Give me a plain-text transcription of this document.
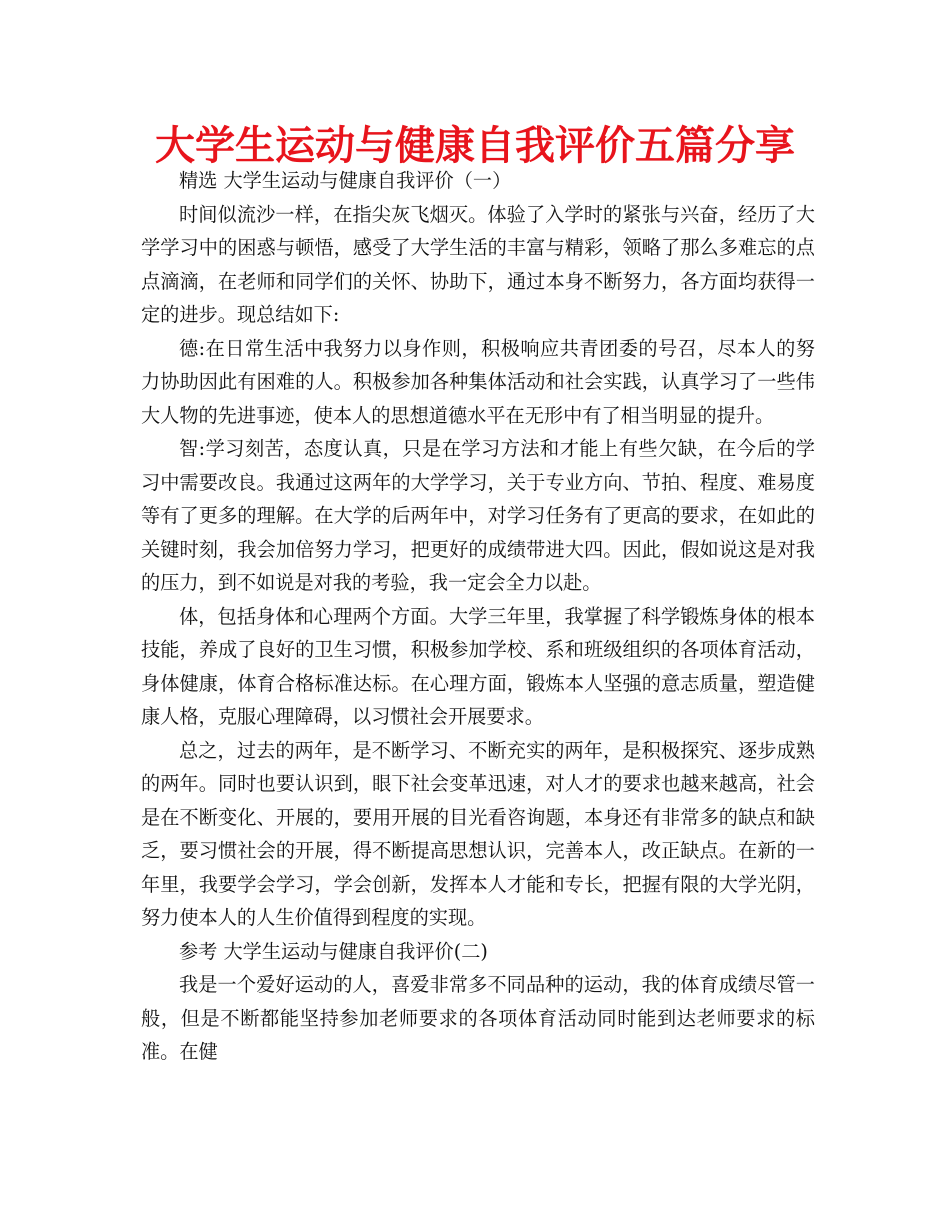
大学生运动与健康自我评价五篇分享

精选 大学生运动与健康自我评价（一）

时间似流沙一样，在指尖灰飞烟灭。体验了入学时的紧张与兴奋，经历了大学学习中的困惑与顿悟，感受了大学生活的丰富与精彩，领略了那么多难忘的点点滴滴，在老师和同学们的关怀、协助下，通过本身不断努力，各方面均获得一定的进步。现总结如下:

德:在日常生活中我努力以身作则，积极响应共青团委的号召，尽本人的努力协助因此有困难的人。积极参加各种集体活动和社会实践，认真学习了一些伟大人物的先进事迹，使本人的思想道德水平在无形中有了相当明显的提升。

智:学习刻苦，态度认真，只是在学习方法和才能上有些欠缺，在今后的学习中需要改良。我通过这两年的大学学习，关于专业方向、节拍、程度、难易度等有了更多的理解。在大学的后两年中，对学习任务有了更高的要求，在如此的关键时刻，我会加倍努力学习，把更好的成绩带进大四。因此，假如说这是对我的压力，到不如说是对我的考验，我一定会全力以赴。

体，包括身体和心理两个方面。大学三年里，我掌握了科学锻炼身体的根本技能，养成了良好的卫生习惯，积极参加学校、系和班级组织的各项体育活动，身体健康，体育合格标准达标。在心理方面，锻炼本人坚强的意志质量，塑造健康人格，克服心理障碍，以习惯社会开展要求。

总之，过去的两年，是不断学习、不断充实的两年，是积极探究、逐步成熟的两年。同时也要认识到，眼下社会变革迅速，对人才的要求也越来越高，社会是在不断变化、开展的，要用开展的目光看咨询题，本身还有非常多的缺点和缺乏，要习惯社会的开展，得不断提高思想认识，完善本人，改正缺点。在新的一年里，我要学会学习，学会创新，发挥本人才能和专长，把握有限的大学光阴，努力使本人的人生价值得到程度的实现。

参考 大学生运动与健康自我评价(二)

我是一个爱好运动的人，喜爱非常多不同品种的运动，我的体育成绩尽管一般，但是不断都能坚持参加老师要求的各项体育活动同时能到达老师要求的标准。在健
